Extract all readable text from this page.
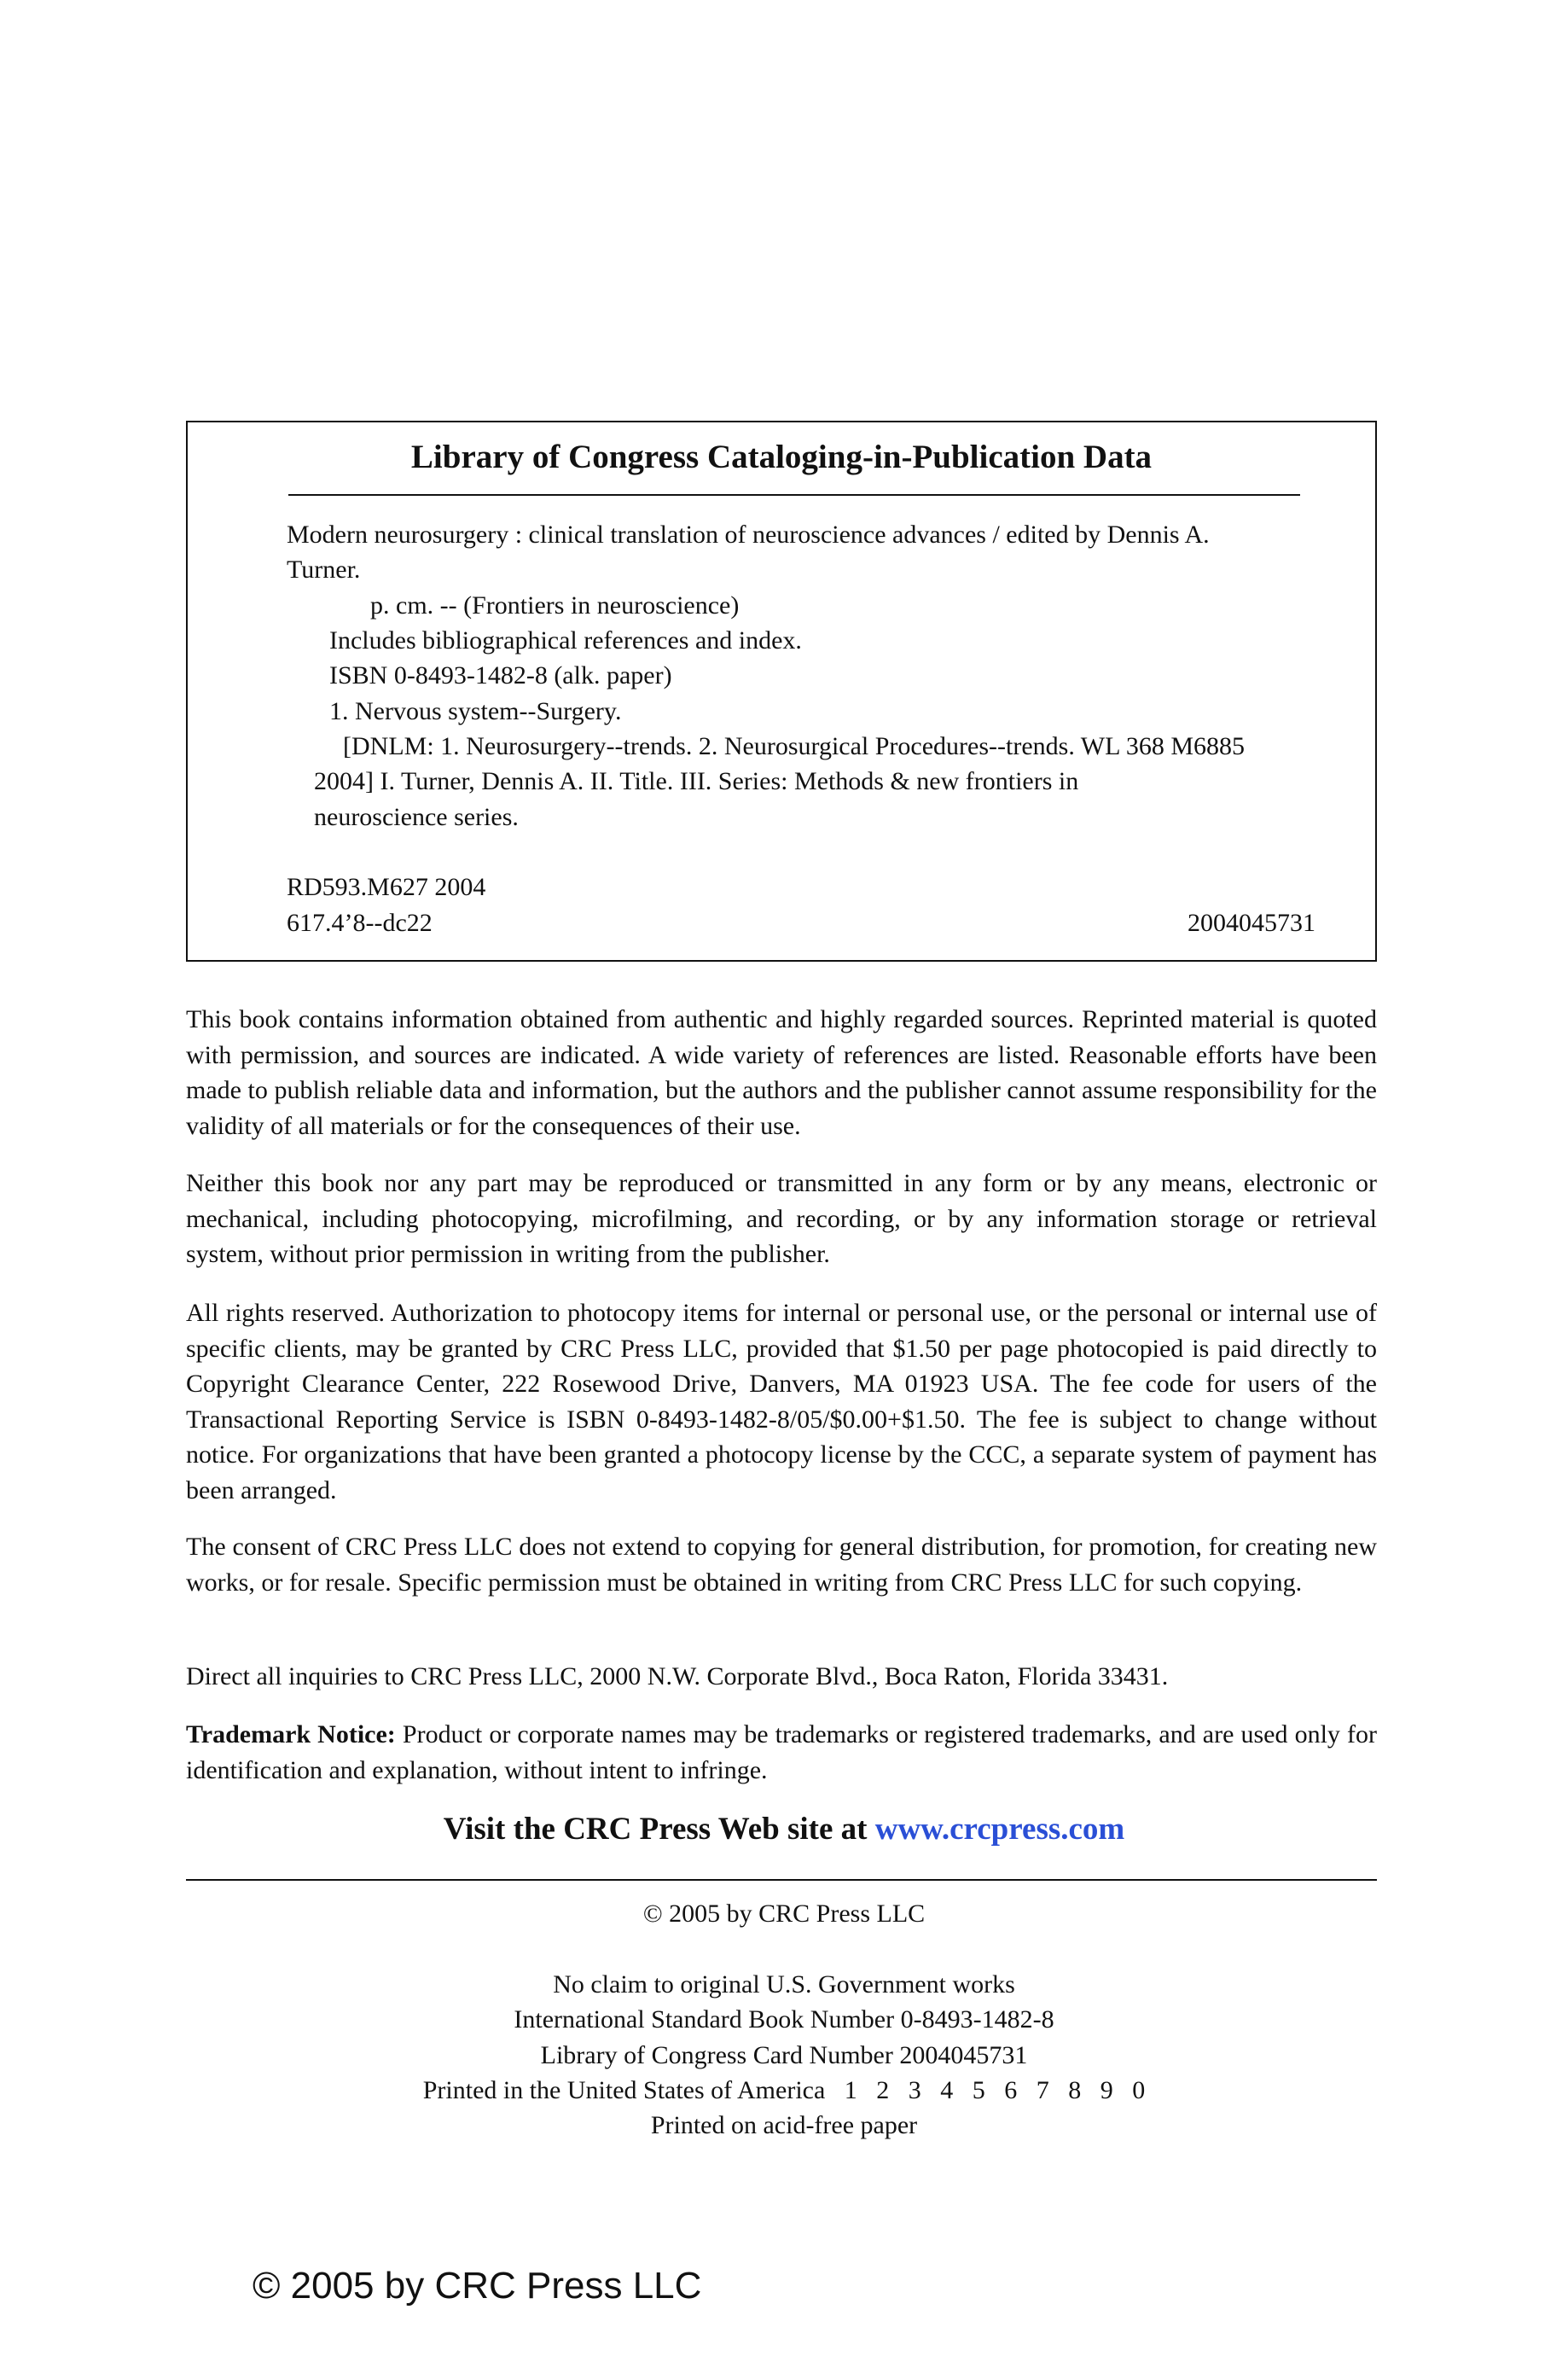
Library of Congress Cataloging-in-Publication Data
Modern neurosurgery : clinical translation of neuroscience advances / edited by Dennis A.
Turner.
p. cm. -- (Frontiers in neuroscience)
Includes bibliographical references and index.
ISBN 0-8493-1482-8 (alk. paper)
1. Nervous system--Surgery.
[DNLM: 1. Neurosurgery--trends. 2. Neurosurgical Procedures--trends. WL 368 M6885
2004] I. Turner, Dennis A. II. Title. III. Series: Methods & new frontiers in
neuroscience series.
RD593.M627 2004
617.4’8--dc22	2004045731

This book contains information obtained from authentic and highly regarded sources. Reprinted material is quoted with permission, and sources are indicated. A wide variety of references are listed. Reasonable efforts have been made to publish reliable data and information, but the authors and the publisher cannot assume responsibility for the validity of all materials or for the consequences of their use.

Neither this book nor any part may be reproduced or transmitted in any form or by any means, electronic or mechanical, including photocopying, microfilming, and recording, or by any information storage or retrieval system, without prior permission in writing from the publisher.

All rights reserved. Authorization to photocopy items for internal or personal use, or the personal or internal use of specific clients, may be granted by CRC Press LLC, provided that $1.50 per page photocopied is paid directly to Copyright Clearance Center, 222 Rosewood Drive, Danvers, MA 01923 USA. The fee code for users of the Transactional Reporting Service is ISBN 0-8493-1482-8/05/$0.00+$1.50. The fee is subject to change without notice. For organizations that have been granted a photocopy license by the CCC, a separate system of payment has been arranged.

The consent of CRC Press LLC does not extend to copying for general distribution, for promotion, for creating new works, or for resale. Specific permission must be obtained in writing from CRC Press LLC for such copying.

Direct all inquiries to CRC Press LLC, 2000 N.W. Corporate Blvd., Boca Raton, Florida 33431.

Trademark Notice: Product or corporate names may be trademarks or registered trademarks, and are used only for identification and explanation, without intent to infringe.

Visit the CRC Press Web site at www.crcpress.com
© 2005 by CRC Press LLC
No claim to original U.S. Government works
International Standard Book Number 0-8493-1482-8
Library of Congress Card Number 2004045731
Printed in the United States of America   1   2   3   4   5   6   7   8   9   0
Printed on acid-free paper
© 2005 by CRC Press LLC
